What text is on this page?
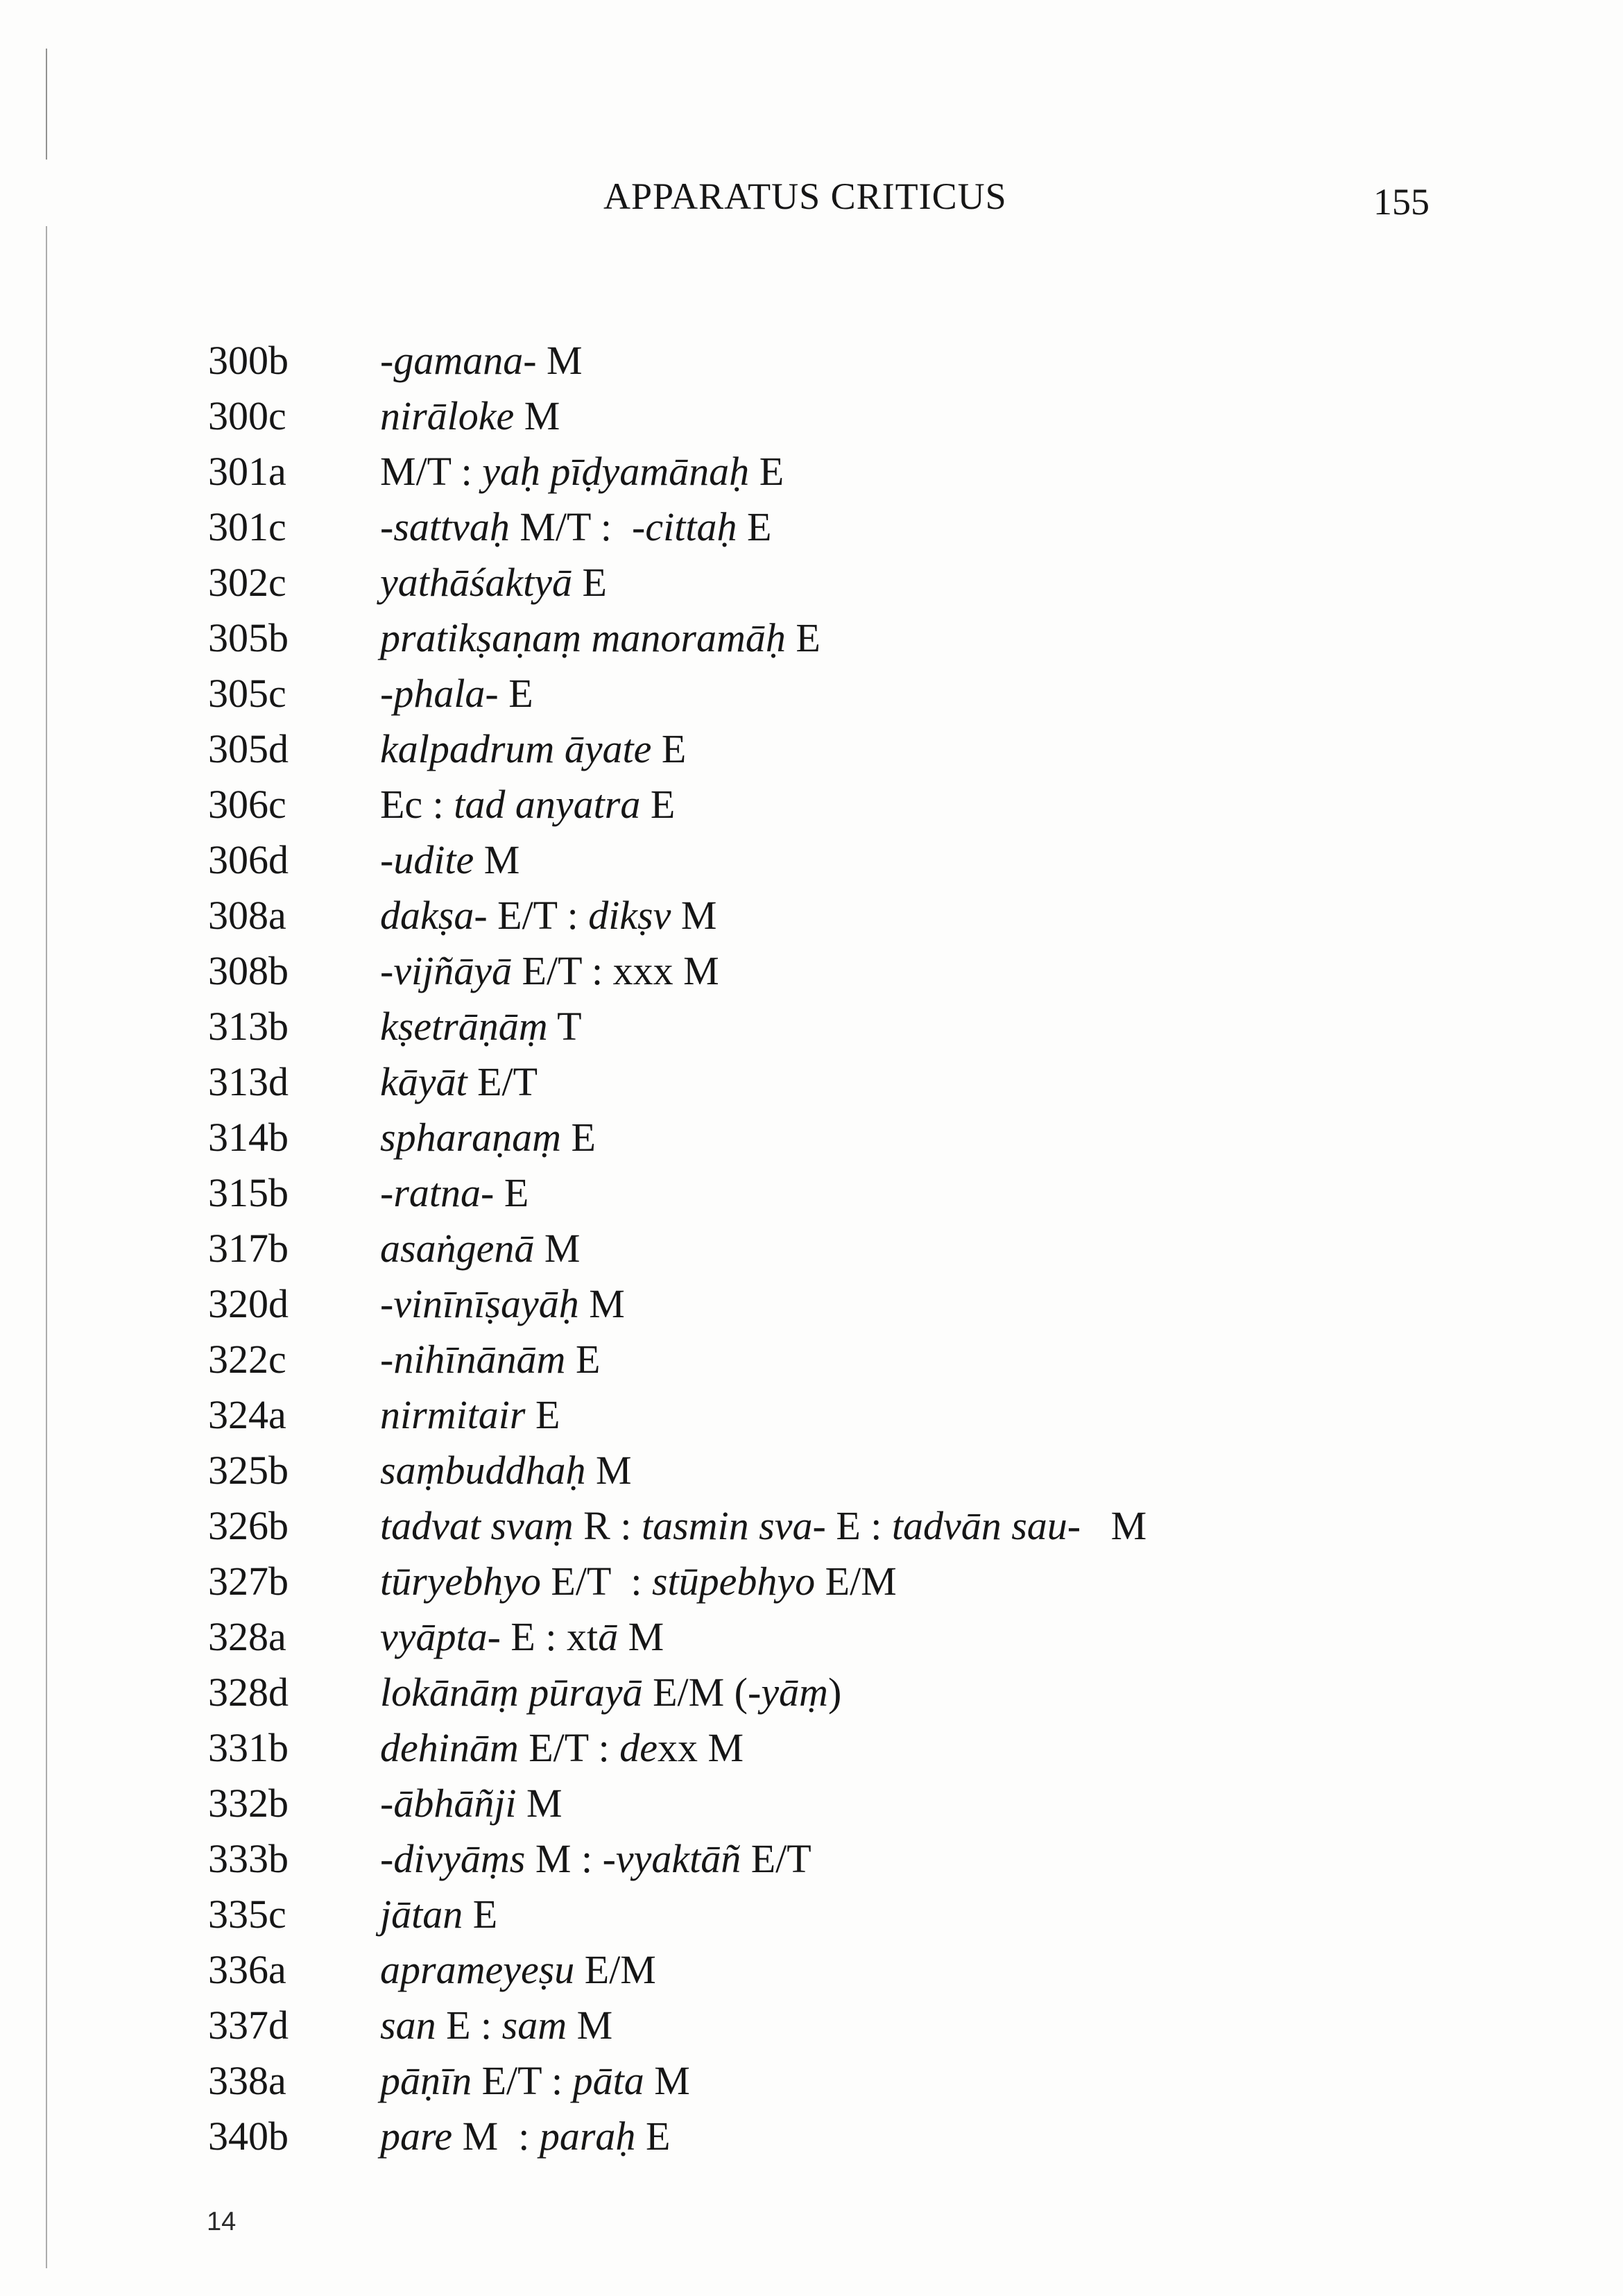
APPARATUS CRITICUS	155
300b	-gamana- M
300c	nirāloke M
301a	M/T : yaḥ pīḍyamānaḥ E
301c	-sattvaḥ M/T :  -cittaḥ E
302c	yathāśaktyā E
305b	pratikṣaṇaṃ manoramāḥ E
305c	-phala- E
305d	kalpadrum āyate E
306c	Ec : tad anyatra E
306d	-udite M
308a	dakṣa- E/T : dikṣv M
308b	-vijñāyā E/T : xxx M
313b	kṣetrāṇāṃ T
313d	kāyāt E/T
314b	spharaṇaṃ E
315b	-ratna- E
317b	asaṅgenā M
320d	-vinīnīṣayāḥ M
322c	-nihīnānām E
324a	nirmitair E
325b	saṃbuddhaḥ M
326b	tadvat svaṃ R : tasmin sva- E : tadvān sau-   M
327b	tūryebhyo E/T  : stūpebhyo E/M
328a	vyāpta- E : xtā M
328d	lokānāṃ pūrayā E/M (-yāṃ)
331b	dehinām E/T : dexx M
332b	-ābhāñji M
333b	-divyāṃs M : -vyaktāñ E/T
335c	jātan E
336a	aprameyeṣu E/M
337d	san E : sam M
338a	pāṇīn E/T : pāta M
340b	pare M  : paraḥ E
14
